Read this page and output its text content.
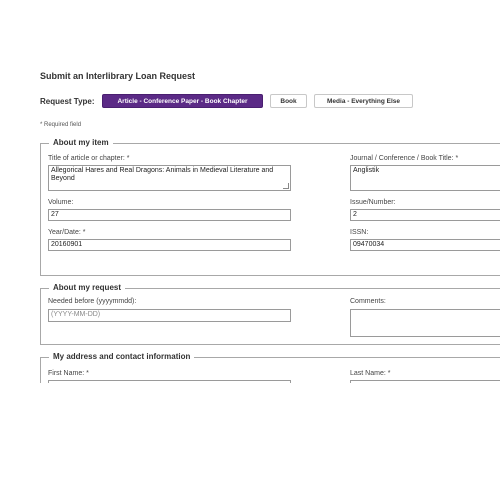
Submit an Interlibrary Loan Request
Request Type:	Article - Conference Paper - Book Chapter	Book	Media - Everything Else
* Required field
About my item
Title of article or chapter: *
Allegorical Hares and Real Dragons: Animals in Medieval Literature and Beyond
Journal / Conference / Book Title: *
Anglistik
Volume:
27
Issue/Number:
2
Year/Date: *
20160901
ISSN:
09470034
About my request
Needed before (yyyymmdd):
(YYYY-MM-DD)
Comments:
My address and contact information
First Name: *	Last Name: *
